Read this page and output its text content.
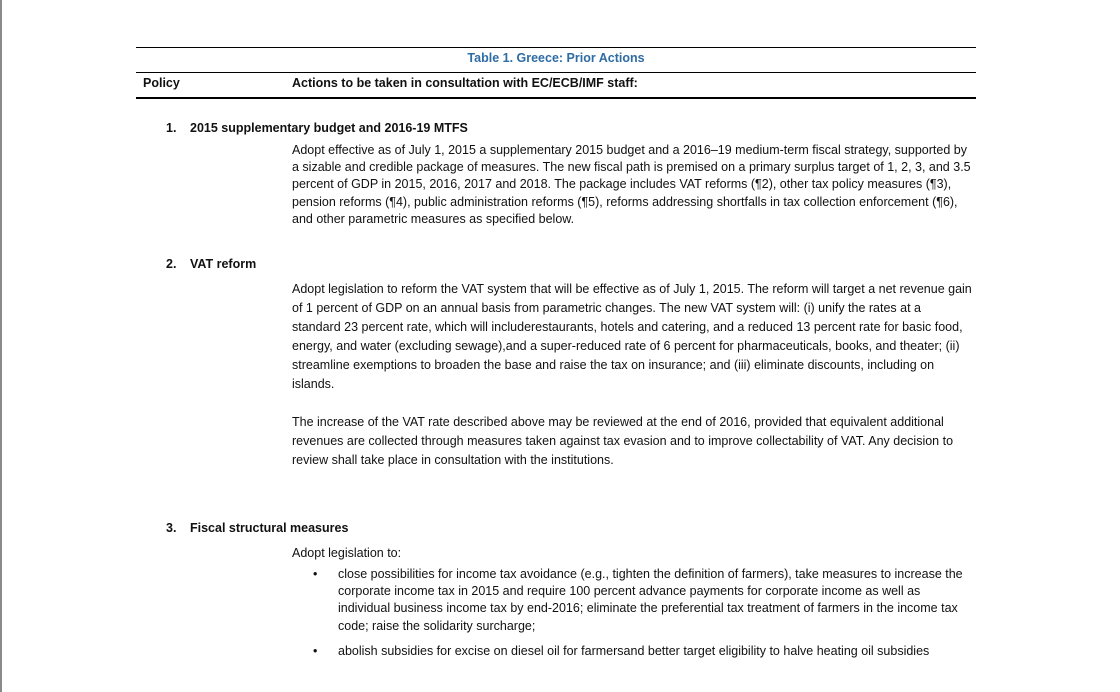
Table 1. Greece: Prior Actions
Policy	Actions to be taken in consultation with EC/ECB/IMF staff:
1. 2015 supplementary budget and 2016-19 MTFS

Adopt effective as of July 1, 2015 a supplementary 2015 budget and a 2016–19 medium-term fiscal strategy, supported by a sizable and credible package of measures. The new fiscal path is premised on a primary surplus target of 1, 2, 3, and 3.5 percent of GDP in 2015, 2016, 2017 and 2018. The package includes VAT reforms (¶2), other tax policy measures (¶3), pension reforms (¶4), public administration reforms (¶5), reforms addressing shortfalls in tax collection enforcement (¶6), and other parametric measures as specified below.

2. VAT reform

Adopt legislation to reform the VAT system that will be effective as of July 1, 2015. The reform will target a net revenue gain of 1 percent of GDP on an annual basis from parametric changes. The new VAT system will: (i) unify the rates at a standard 23 percent rate, which will includerestaurants, hotels and catering, and a reduced 13 percent rate for basic food, energy, and water (excluding sewage),and a super-reduced rate of 6 percent for pharmaceuticals, books, and theater; (ii) streamline exemptions to broaden the base and raise the tax on insurance; and (iii) eliminate discounts, including on islands.

The increase of the VAT rate described above may be reviewed at the end of 2016, provided that equivalent additional revenues are collected through measures taken against tax evasion and to improve collectability of VAT. Any decision to review shall take place in consultation with the institutions.

3. Fiscal structural measures

Adopt legislation to:

•	close possibilities for income tax avoidance (e.g., tighten the definition of farmers), take measures to increase the corporate income tax in 2015 and require 100 percent advance payments for corporate income as well as individual business income tax by end-2016; eliminate the preferential tax treatment of farmers in the income tax code; raise the solidarity surcharge;
•	abolish subsidies for excise on diesel oil for farmersand better target eligibility to halve heating oil subsidies
